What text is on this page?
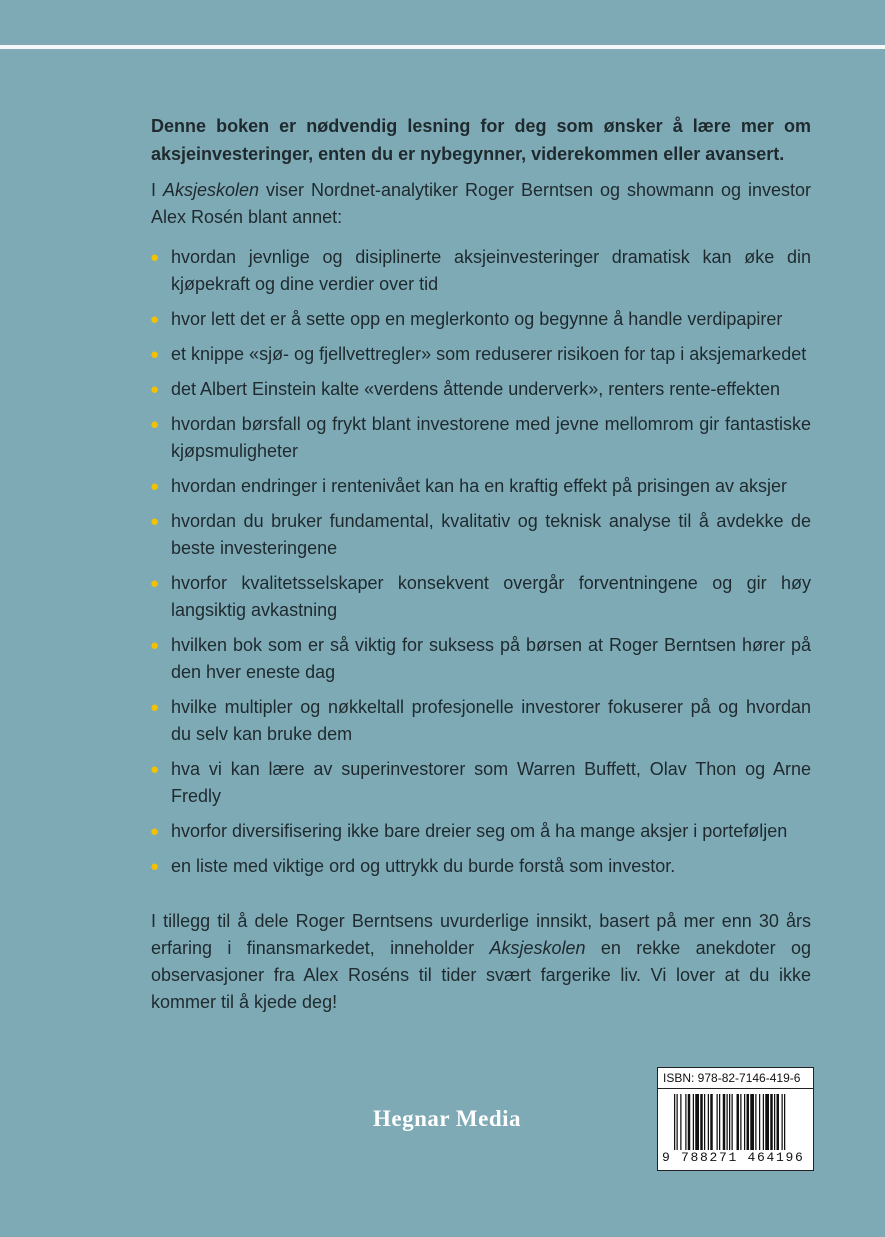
Denne boken er nødvendig lesning for deg som ønsker å lære mer om aksjeinvesteringer, enten du er nybegynner, viderekommen eller avansert.

I Aksjeskolen viser Nordnet-analytiker Roger Berntsen og showmann og investor Alex Rosén blant annet:

● hvordan jevnlige og disiplinerte aksjeinvesteringer dramatisk kan øke din kjøpekraft og dine verdier over tid
● hvor lett det er å sette opp en meglerkonto og begynne å handle verdipapirer
● et knippe «sjø- og fjellvettregler» som reduserer risikoen for tap i aksjemarkedet
● det Albert Einstein kalte «verdens åttende underverk», renters rente-effekten
● hvordan børsfall og frykt blant investorene med jevne mellomrom gir fantastiske kjøpsmuligheter
● hvordan endringer i rentenivået kan ha en kraftig effekt på prisingen av aksjer
● hvordan du bruker fundamental, kvalitativ og teknisk analyse til å avdekke de beste investeringene
● hvorfor kvalitetsselskaper konsekvent overgår forventningene og gir høy langsiktig avkastning
● hvilken bok som er så viktig for suksess på børsen at Roger Berntsen hører på den hver eneste dag
● hvilke multipler og nøkkeltall profesjonelle investorer fokuserer på og hvordan du selv kan bruke dem
● hva vi kan lære av superinvestorer som Warren Buffett, Olav Thon og Arne Fredly
● hvorfor diversifisering ikke bare dreier seg om å ha mange aksjer i porteføljen
● en liste med viktige ord og uttrykk du burde forstå som investor.

I tillegg til å dele Roger Berntsens uvurderlige innsikt, basert på mer enn 30 års erfaring i finansmarkedet, inneholder Aksjeskolen en rekke anekdoter og observasjoner fra Alex Roséns til tider svært fargerike liv. Vi lover at du ikke kommer til å kjede deg!

Hegnar Media
ISBN: 978-82-7146-419-6
9 788271 464196
